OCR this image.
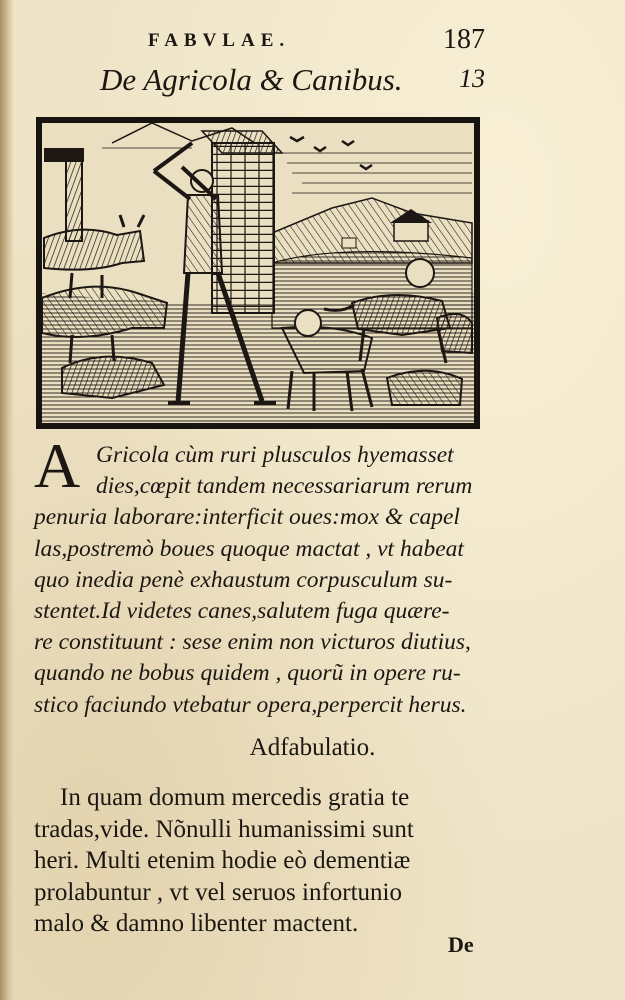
FABVLAE.	187
De Agricola & Canibus. 13
A Gricola cùm ruri plusculos hyemasset
dies,cœpit tandem necessariarum rerum
penuria laborare:interficit oues:mox & capel
las,postremò boues quoque mactat , vt habeat
quo inedia penè exhaustum corpusculum su-
stentet.Id videtes canes,salutem fuga quære-
re constituunt : sese enim non victuros diutius,
quando ne bobus quidem , quorũ in opere ru-
stico faciundo vtebatur opera,perpercit herus.
Adfabulatio.
In quam domum mercedis gratia te
tradas,vide. Nõnulli humanissimi sunt
heri. Multi etenim hodie eò dementiæ
prolabuntur , vt vel seruos infortunio
malo & damno libenter mactent.
De
